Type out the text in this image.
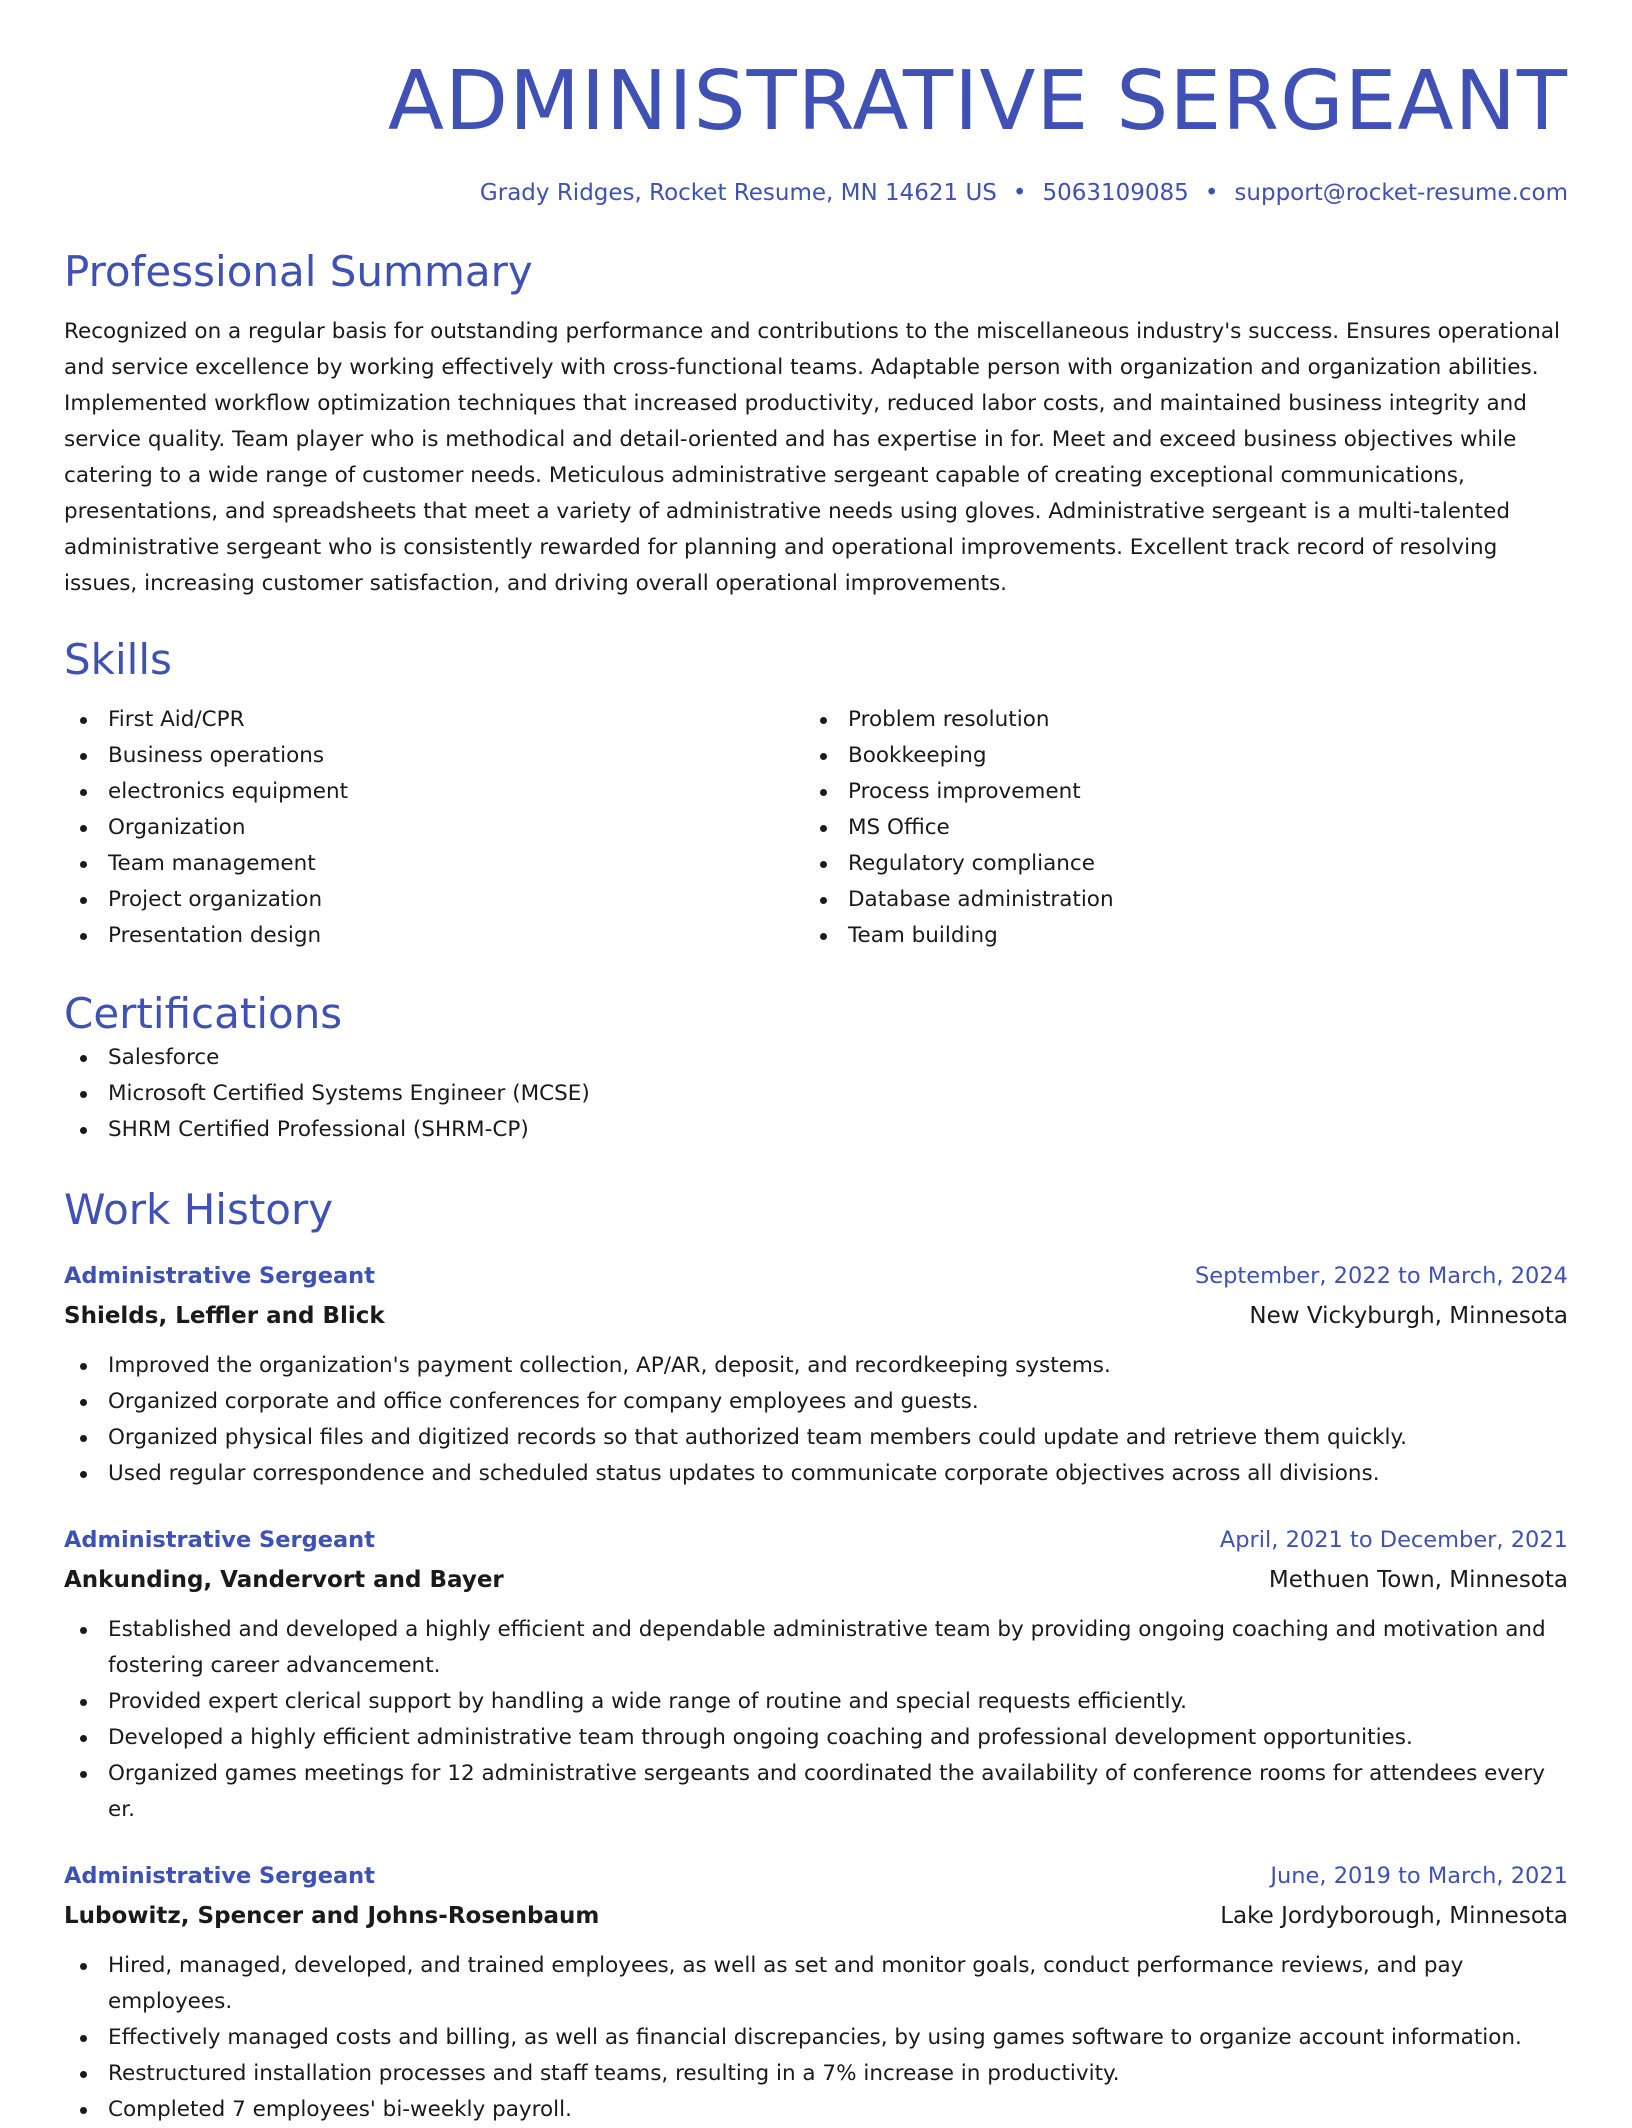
ADMINISTRATIVE SERGEANT
Grady Ridges, Rocket Resume, MN 14621 US • 5063109085 • support@rocket-resume.com
Professional Summary
Recognized on a regular basis for outstanding performance and contributions to the miscellaneous industry's success. Ensures operational and service excellence by working effectively with cross-functional teams. Adaptable person with organization and organization abilities. Implemented workflow optimization techniques that increased productivity, reduced labor costs, and maintained business integrity and service quality. Team player who is methodical and detail-oriented and has expertise in for. Meet and exceed business objectives while catering to a wide range of customer needs. Meticulous administrative sergeant capable of creating exceptional communications, presentations, and spreadsheets that meet a variety of administrative needs using gloves. Administrative sergeant is a multi-talented administrative sergeant who is consistently rewarded for planning and operational improvements. Excellent track record of resolving issues, increasing customer satisfaction, and driving overall operational improvements.
Skills
First Aid/CPR
Business operations
electronics equipment
Organization
Team management
Project organization
Presentation design
Problem resolution
Bookkeeping
Process improvement
MS Office
Regulatory compliance
Database administration
Team building
Certifications
Salesforce
Microsoft Certified Systems Engineer (MCSE)
SHRM Certified Professional (SHRM-CP)
Work History
Administrative Sergeant	September, 2022 to March, 2024
Shields, Leffler and Blick	New Vickyburgh, Minnesota
Improved the organization's payment collection, AP/AR, deposit, and recordkeeping systems.
Organized corporate and office conferences for company employees and guests.
Organized physical files and digitized records so that authorized team members could update and retrieve them quickly.
Used regular correspondence and scheduled status updates to communicate corporate objectives across all divisions.
Administrative Sergeant	April, 2021 to December, 2021
Ankunding, Vandervort and Bayer	Methuen Town, Minnesota
Established and developed a highly efficient and dependable administrative team by providing ongoing coaching and motivation and fostering career advancement.
Provided expert clerical support by handling a wide range of routine and special requests efficiently.
Developed a highly efficient administrative team through ongoing coaching and professional development opportunities.
Organized games meetings for 12 administrative sergeants and coordinated the availability of conference rooms for attendees every er.
Administrative Sergeant	June, 2019 to March, 2021
Lubowitz, Spencer and Johns-Rosenbaum	Lake Jordyborough, Minnesota
Hired, managed, developed, and trained employees, as well as set and monitor goals, conduct performance reviews, and pay employees.
Effectively managed costs and billing, as well as financial discrepancies, by using games software to organize account information.
Restructured installation processes and staff teams, resulting in a 7% increase in productivity.
Completed 7 employees' bi-weekly payroll.
